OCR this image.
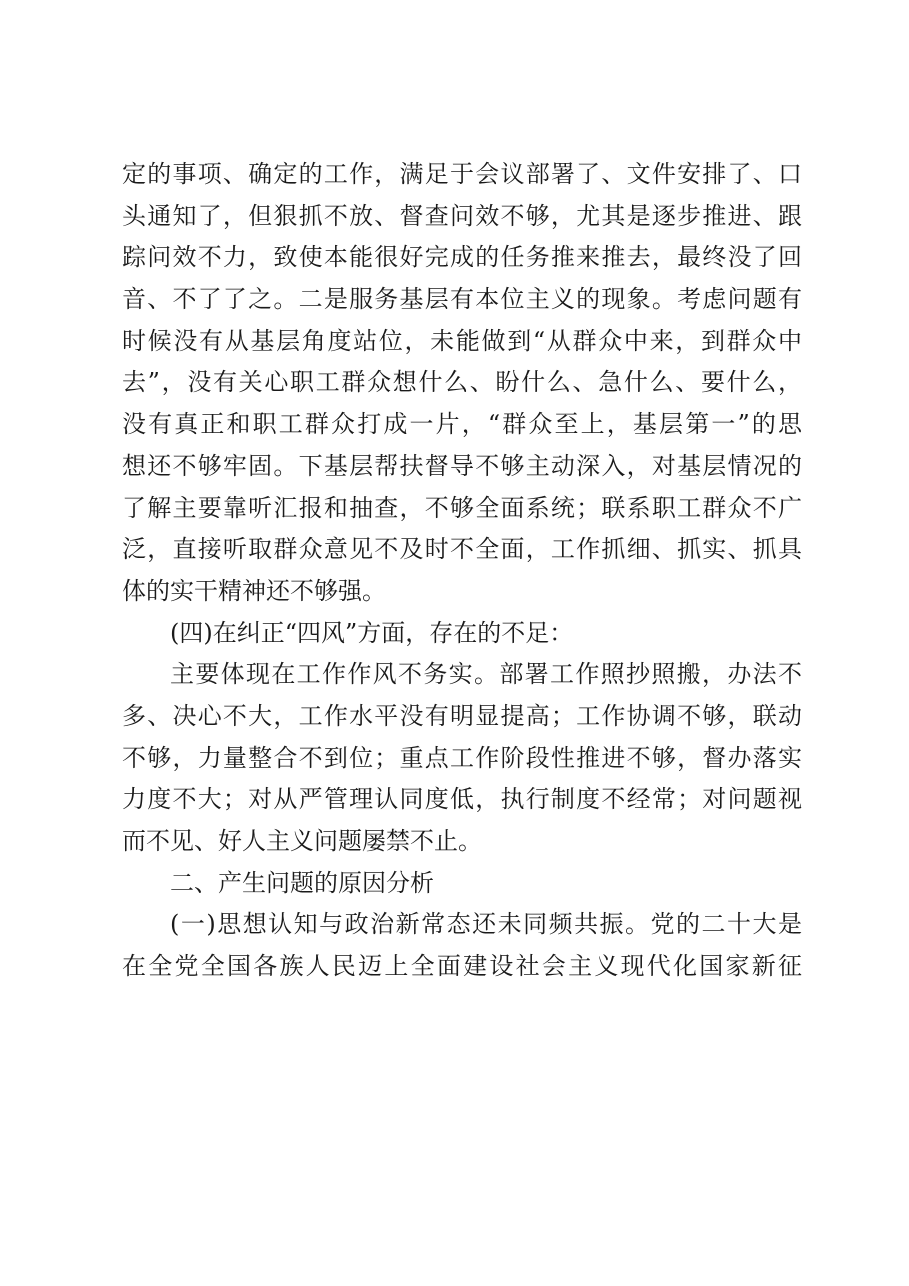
定的事项、确定的工作，满足于会议部署了、文件安排了、口
头通知了，但狠抓不放、督查问效不够，尤其是逐步推进、跟
踪问效不力，致使本能很好完成的任务推来推去，最终没了回
音、不了了之。二是服务基层有本位主义的现象。考虑问题有
时候没有从基层角度站位，未能做到“从群众中来，到群众中
去”，没有关心职工群众想什么、盼什么、急什么、要什么，
没有真正和职工群众打成一片，“群众至上，基层第一”的思
想还不够牢固。下基层帮扶督导不够主动深入，对基层情况的
了解主要靠听汇报和抽查，不够全面系统；联系职工群众不广
泛，直接听取群众意见不及时不全面，工作抓细、抓实、抓具
体的实干精神还不够强。
(四)在纠正“四风”方面，存在的不足：
主要体现在工作作风不务实。部署工作照抄照搬，办法不
多、决心不大，工作水平没有明显提高；工作协调不够，联动
不够，力量整合不到位；重点工作阶段性推进不够，督办落实
力度不大；对从严管理认同度低，执行制度不经常；对问题视
而不见、好人主义问题屡禁不止。
二、产生问题的原因分析
(一)思想认知与政治新常态还未同频共振。党的二十大是
在全党全国各族人民迈上全面建设社会主义现代化国家新征
